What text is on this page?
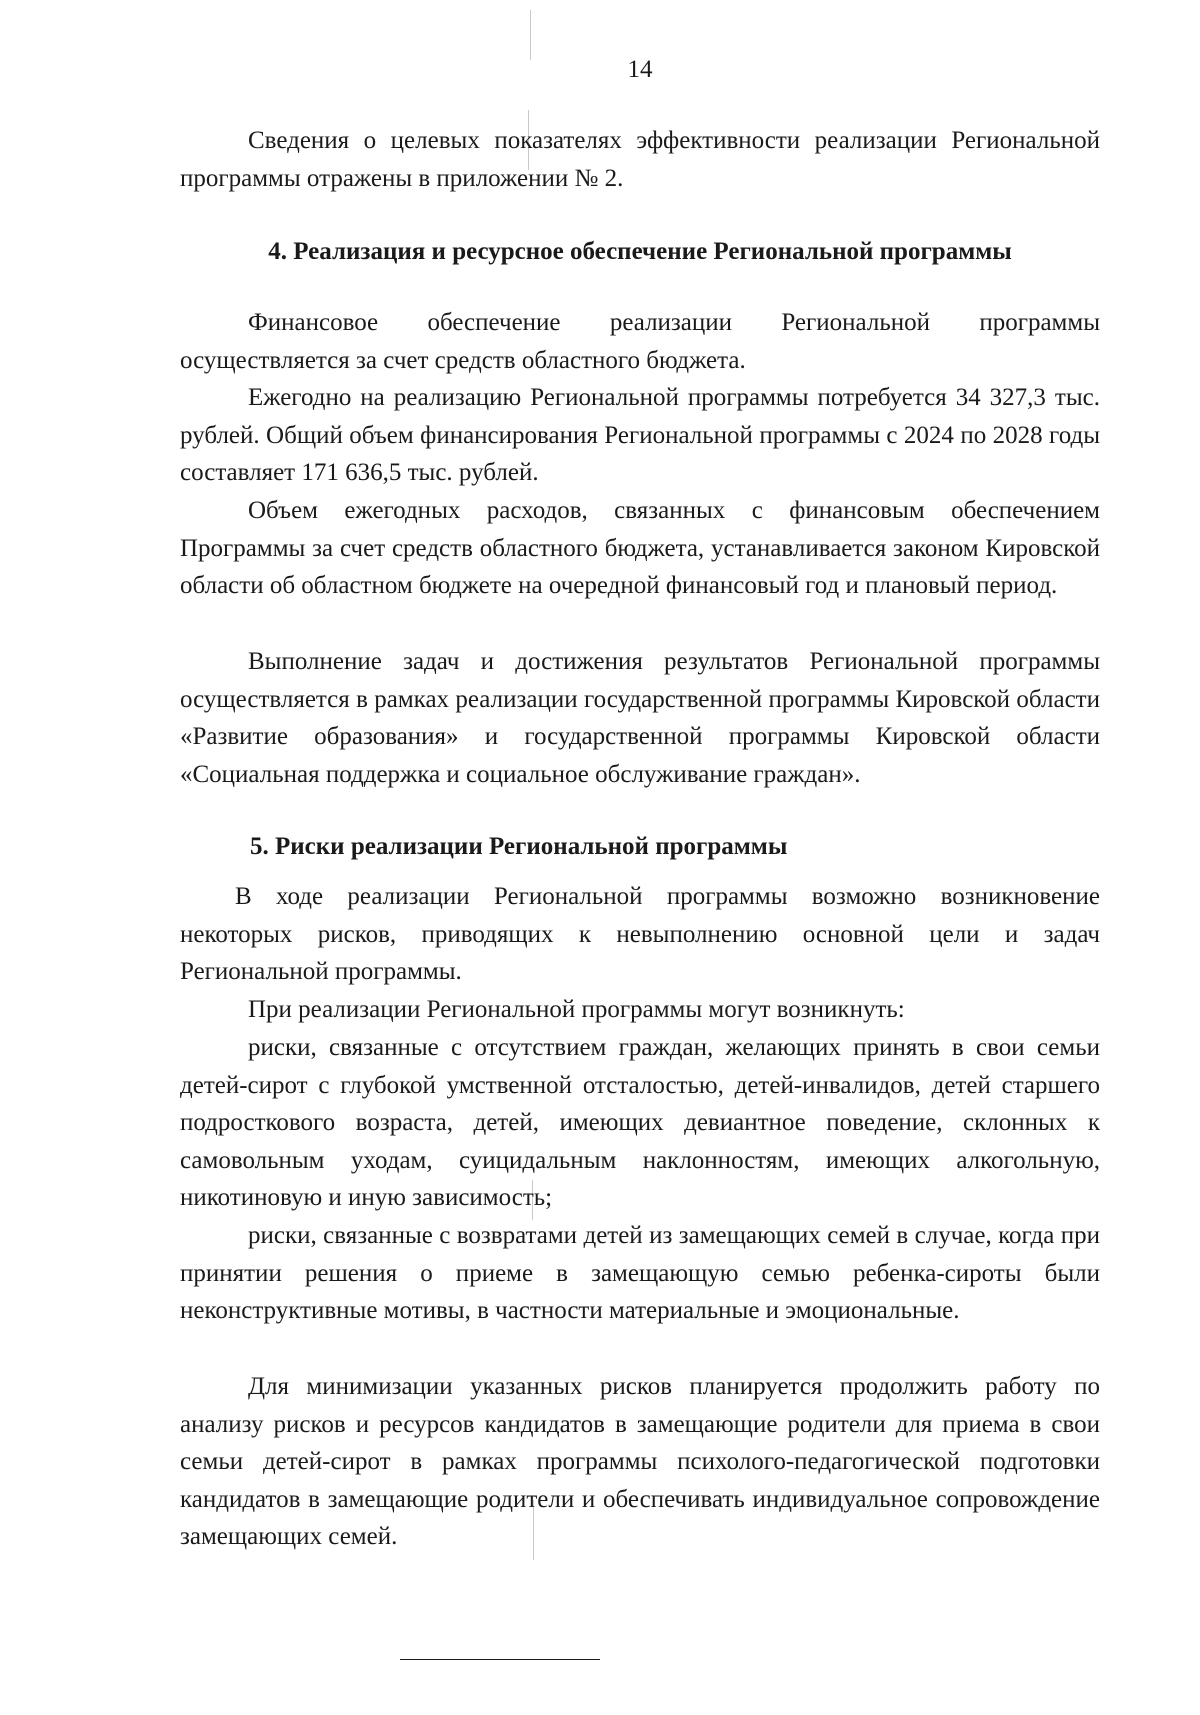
14

Сведения о целевых показателях эффективности реализации Региональной программы отражены в приложении № 2.

4. Реализация и ресурсное обеспечение Региональной программы

Финансовое обеспечение реализации Региональной программы осуществляется за счет средств областного бюджета.

Ежегодно на реализацию Региональной программы потребуется 34 327,3 тыс. рублей. Общий объем финансирования Региональной программы с 2024 по 2028 годы составляет 171 636,5 тыс. рублей.

Объем ежегодных расходов, связанных с финансовым обеспечением Программы за счет средств областного бюджета, устанавливается законом Кировской области об областном бюджете на очередной финансовый год и плановый период.

Выполнение задач и достижения результатов Региональной программы осуществляется в рамках реализации государственной программы Кировской области «Развитие образования» и государственной программы Кировской области «Социальная поддержка и социальное обслуживание граждан».

5. Риски реализации Региональной программы

В ходе реализации Региональной программы возможно возникновение некоторых рисков, приводящих к невыполнению основной цели и задач Региональной программы.

При реализации Региональной программы могут возникнуть:

риски, связанные с отсутствием граждан, желающих принять в свои семьи детей-сирот с глубокой умственной отсталостью, детей-инвалидов, детей старшего подросткового возраста, детей, имеющих девиантное поведение, склонных к самовольным уходам, суицидальным наклонностям, имеющих алкогольную, никотиновую и иную зависимость;

риски, связанные с возвратами детей из замещающих семей в случае, когда при принятии решения о приеме в замещающую семью ребенка-сироты были неконструктивные мотивы, в частности материальные и эмоциональные.

Для минимизации указанных рисков планируется продолжить работу по анализу рисков и ресурсов кандидатов в замещающие родители для приема в свои семьи детей-сирот в рамках программы психолого-педагогической подготовки кандидатов в замещающие родители и обеспечивать индивидуальное сопровождение замещающих семей.
